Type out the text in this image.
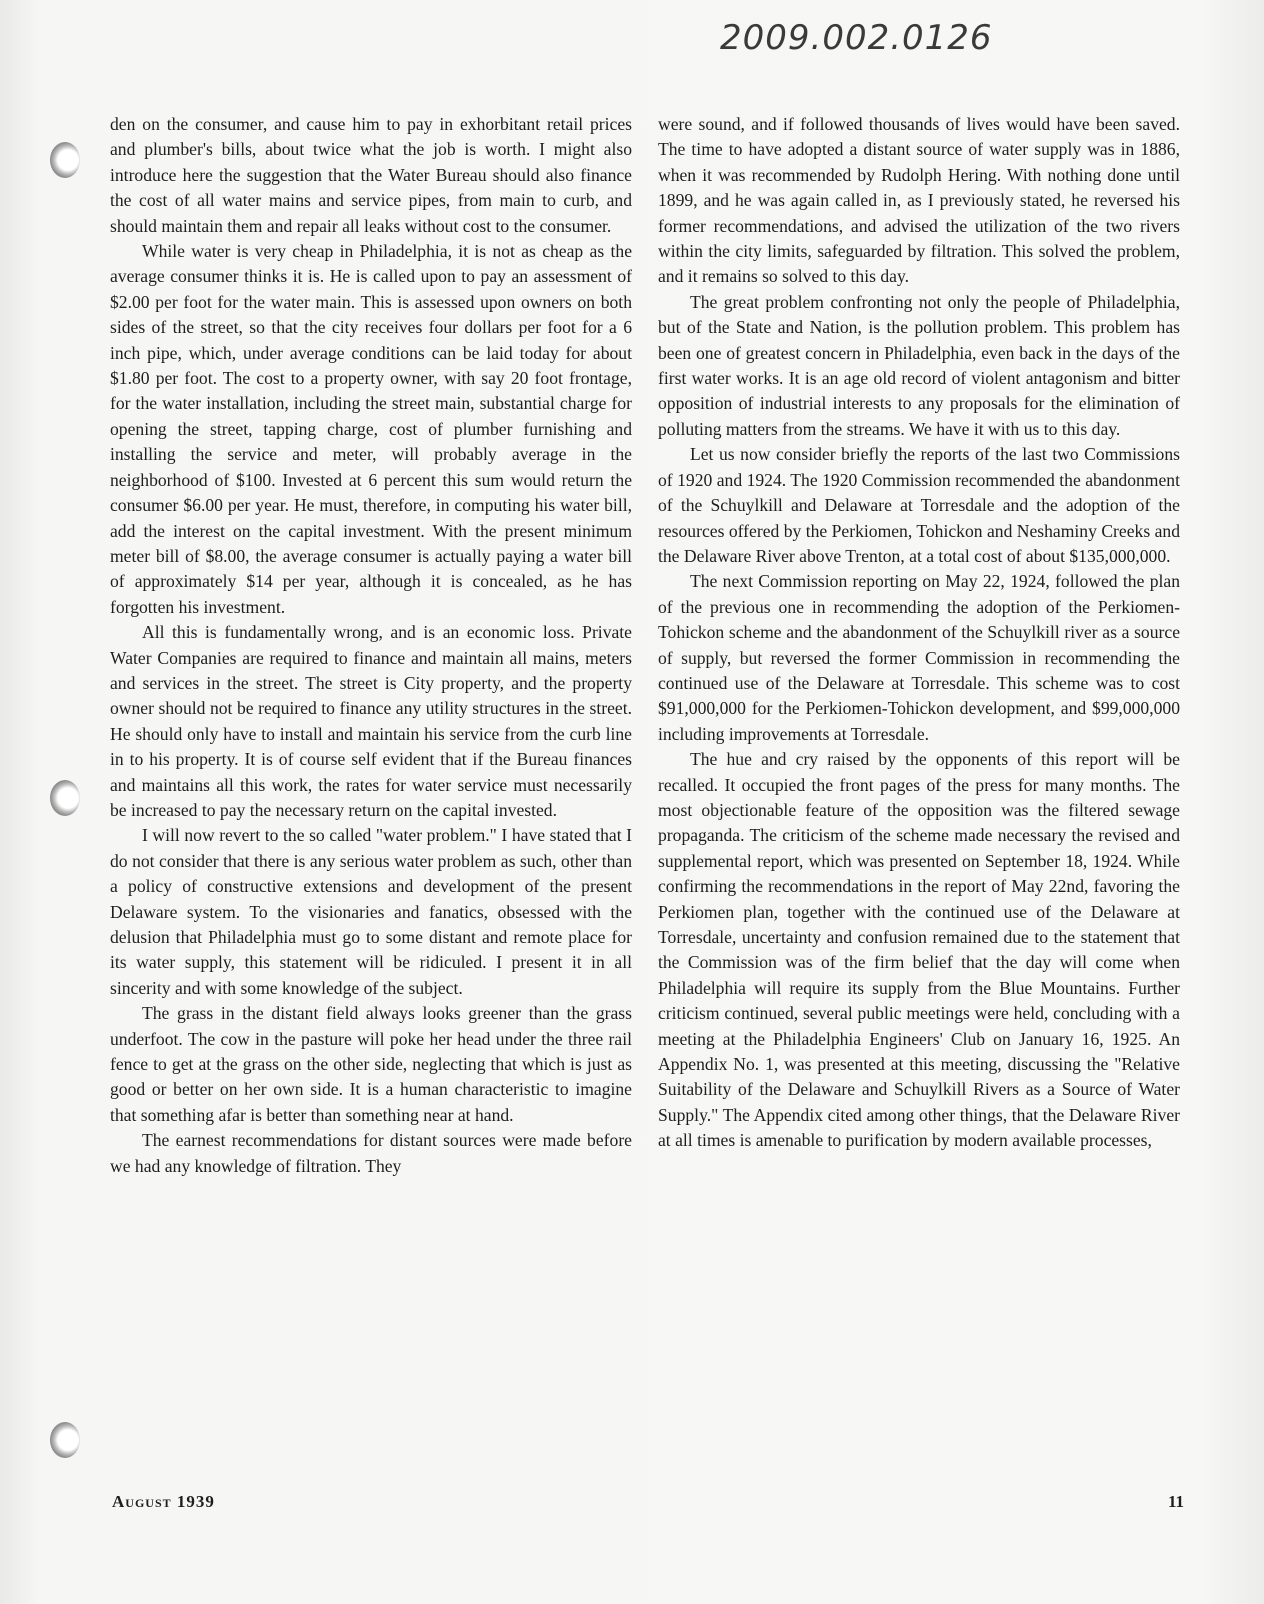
2009.002.0126

den on the consumer, and cause him to pay in exhorbitant retail prices and plumber's bills, about twice what the job is worth. I might also introduce here the suggestion that the Water Bureau should also finance the cost of all water mains and service pipes, from main to curb, and should maintain them and repair all leaks without cost to the consumer.

While water is very cheap in Philadelphia, it is not as cheap as the average consumer thinks it is. He is called upon to pay an assessment of $2.00 per foot for the water main. This is assessed upon owners on both sides of the street, so that the city receives four dollars per foot for a 6 inch pipe, which, under average conditions can be laid today for about $1.80 per foot. The cost to a property owner, with say 20 foot frontage, for the water installation, including the street main, substantial charge for opening the street, tapping charge, cost of plumber furnishing and installing the service and meter, will probably average in the neighborhood of $100. Invested at 6 percent this sum would return the consumer $6.00 per year. He must, therefore, in computing his water bill, add the interest on the capital investment. With the present minimum meter bill of $8.00, the average consumer is actually paying a water bill of approximately $14 per year, although it is concealed, as he has forgotten his investment.

All this is fundamentally wrong, and is an economic loss. Private Water Companies are required to finance and maintain all mains, meters and services in the street. The street is City property, and the property owner should not be required to finance any utility structures in the street. He should only have to install and maintain his service from the curb line in to his property. It is of course self evident that if the Bureau finances and maintains all this work, the rates for water service must necessarily be increased to pay the necessary return on the capital invested.

I will now revert to the so called "water problem." I have stated that I do not consider that there is any serious water problem as such, other than a policy of constructive extensions and development of the present Delaware system. To the visionaries and fanatics, obsessed with the delusion that Philadelphia must go to some distant and remote place for its water supply, this statement will be ridiculed. I present it in all sincerity and with some knowledge of the subject.

The grass in the distant field always looks greener than the grass underfoot. The cow in the pasture will poke her head under the three rail fence to get at the grass on the other side, neglecting that which is just as good or better on her own side. It is a human characteristic to imagine that something afar is better than something near at hand.

The earnest recommendations for distant sources were made before we had any knowledge of filtration. They

were sound, and if followed thousands of lives would have been saved. The time to have adopted a distant source of water supply was in 1886, when it was recommended by Rudolph Hering. With nothing done until 1899, and he was again called in, as I previously stated, he reversed his former recommendations, and advised the utilization of the two rivers within the city limits, safeguarded by filtration. This solved the problem, and it remains so solved to this day.

The great problem confronting not only the people of Philadelphia, but of the State and Nation, is the pollution problem. This problem has been one of greatest concern in Philadelphia, even back in the days of the first water works. It is an age old record of violent antagonism and bitter opposition of industrial interests to any proposals for the elimination of polluting matters from the streams. We have it with us to this day.

Let us now consider briefly the reports of the last two Commissions of 1920 and 1924. The 1920 Commission recommended the abandonment of the Schuylkill and Delaware at Torresdale and the adoption of the resources offered by the Perkiomen, Tohickon and Neshaminy Creeks and the Delaware River above Trenton, at a total cost of about $135,000,000.

The next Commission reporting on May 22, 1924, followed the plan of the previous one in recommending the adoption of the Perkiomen-Tohickon scheme and the abandonment of the Schuylkill river as a source of supply, but reversed the former Commission in recommending the continued use of the Delaware at Torresdale. This scheme was to cost $91,000,000 for the Perkiomen-Tohickon development, and $99,000,000 including improvements at Torresdale.

The hue and cry raised by the opponents of this report will be recalled. It occupied the front pages of the press for many months. The most objectionable feature of the opposition was the filtered sewage propaganda. The criticism of the scheme made necessary the revised and supplemental report, which was presented on September 18, 1924. While confirming the recommendations in the report of May 22nd, favoring the Perkiomen plan, together with the continued use of the Delaware at Torresdale, uncertainty and confusion remained due to the statement that the Commission was of the firm belief that the day will come when Philadelphia will require its supply from the Blue Mountains. Further criticism continued, several public meetings were held, concluding with a meeting at the Philadelphia Engineers' Club on January 16, 1925. An Appendix No. 1, was presented at this meeting, discussing the "Relative Suitability of the Delaware and Schuylkill Rivers as a Source of Water Supply." The Appendix cited among other things, that the Delaware River at all times is amenable to purification by modern available processes,

August 1939	11
